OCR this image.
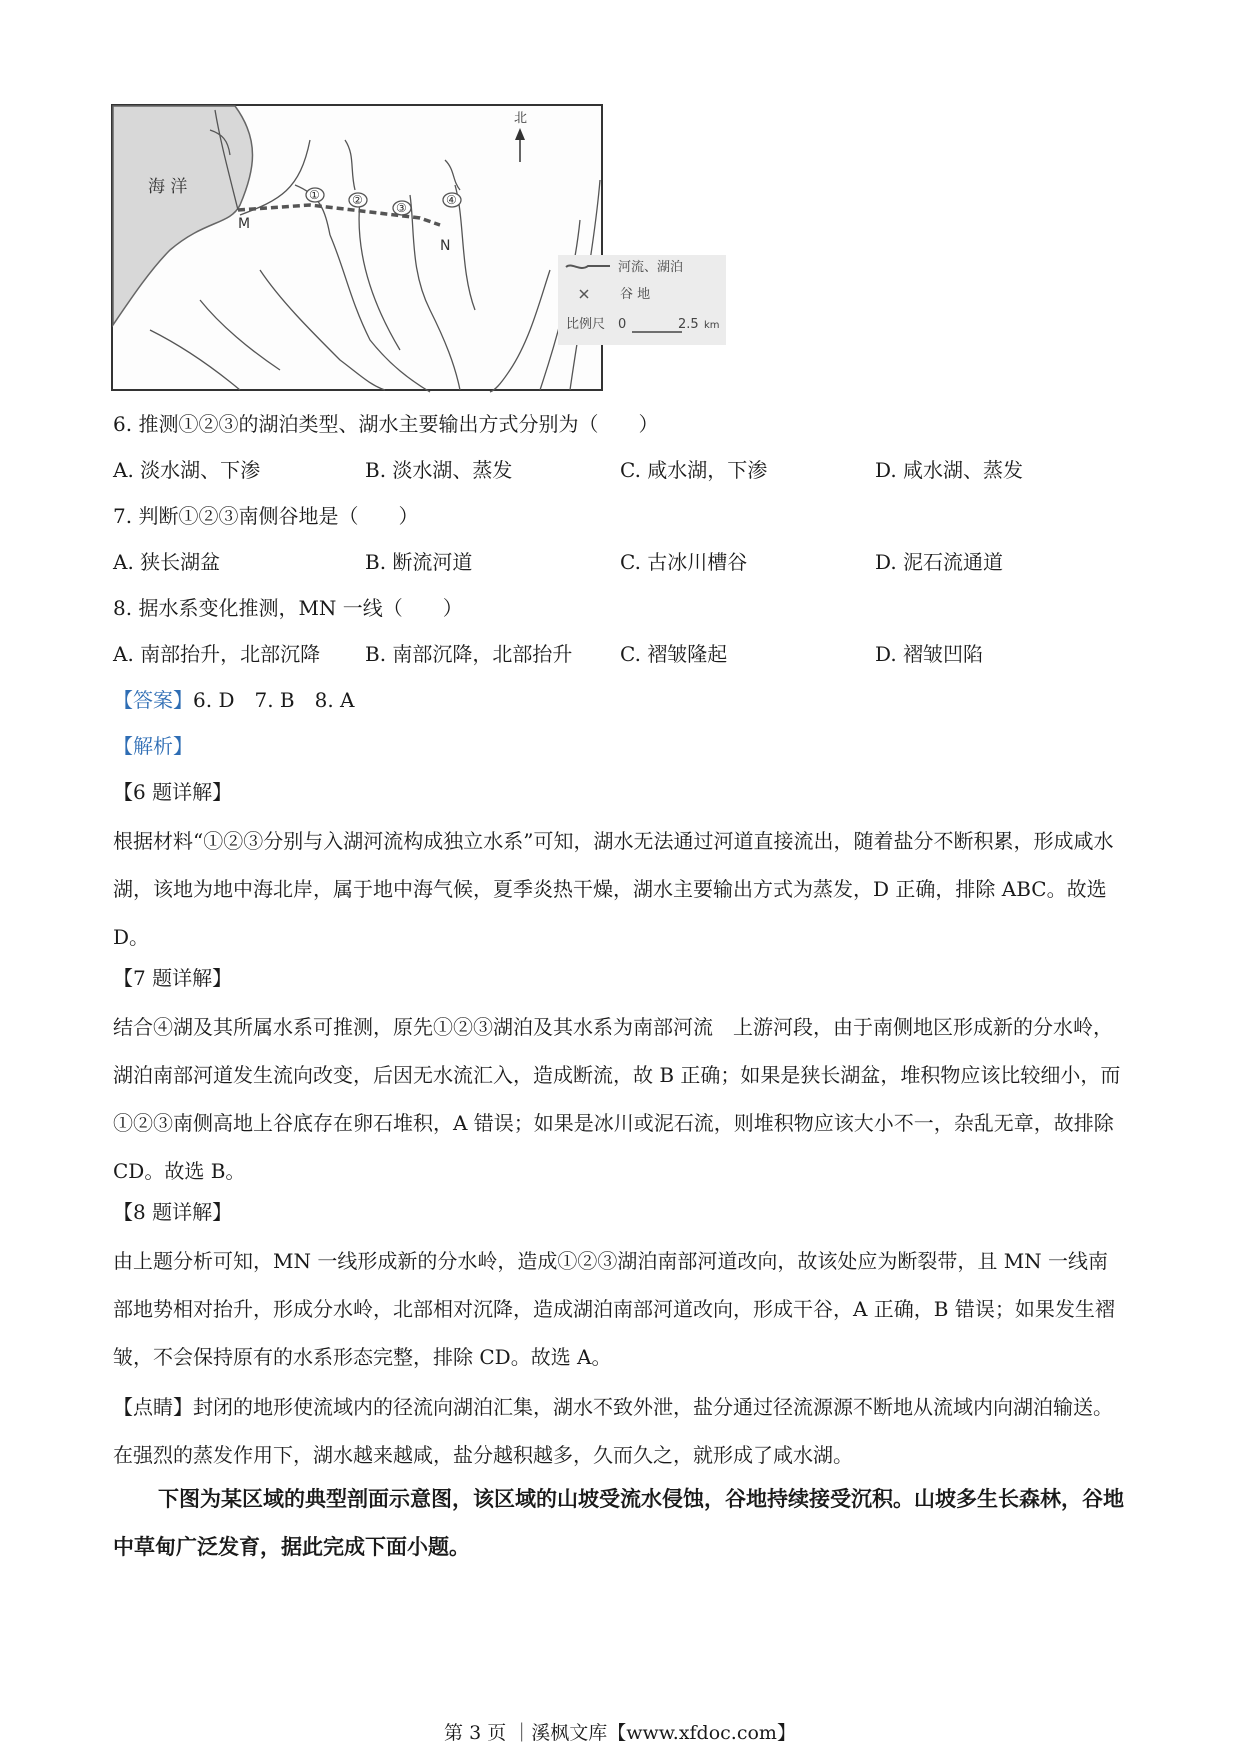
海 洋	①	②
③
④
M
N
北
河流、湖泊
谷 地
比例尺 0	2.5 km
6. 推测①②③的湖泊类型、湖水主要输出方式分别为（　　）
A. 淡水湖、下渗	B. 淡水湖、蒸发	C. 咸水湖，下渗	D. 咸水湖、蒸发
7. 判断①②③南侧谷地是（　　）
A. 狭长湖盆	B. 断流河道	C. 古冰川槽谷	D. 泥石流通道
8. 据水系变化推测，MN 一线（　　）
A. 南部抬升，北部沉降 B. 南部沉降，北部抬升 C. 褶皱隆起	D. 褶皱凹陷
【答案】6. D　7. B　8. A
【解析】
【6 题详解】
根据材料“①②③分别与入湖河流构成独立水系”可知，湖水无法通过河道直接流出，随着盐分不断积累，形成咸水湖，该地为地中海北岸，属于地中海气候，夏季炎热干燥，湖水主要输出方式为蒸发，D 正确，排除 ABC。故选 D。
【7 题详解】
结合④湖及其所属水系可推测，原先①②③湖泊及其水系为南部河流　上游河段，由于南侧地区形成新的分水岭，湖泊南部河道发生流向改变，后因无水流汇入，造成断流，故 B 正确；如果是狭长湖盆，堆积物应该比较细小，而①②③南侧高地上谷底存在卵石堆积，A 错误；如果是冰川或泥石流，则堆积物应该大小不一，杂乱无章，故排除 CD。故选 B。
【8 题详解】
由上题分析可知，MN 一线形成新的分水岭，造成①②③湖泊南部河道改向，故该处应为断裂带，且 MN 一线南部地势相对抬升，形成分水岭，北部相对沉降，造成湖泊南部河道改向，形成干谷，A 正确，B 错误；如果发生褶皱，不会保持原有的水系形态完整，排除 CD。故选 A。
【点睛】封闭的地形使流域内的径流向湖泊汇集，湖水不致外泄，盐分通过径流源源不断地从流域内向湖泊输送。在强烈的蒸发作用下，湖水越来越咸，盐分越积越多，久而久之，就形成了咸水湖。
下图为某区域的典型剖面示意图，该区域的山坡受流水侵蚀，谷地持续接受沉积。山坡多生长森林，谷地中草甸广泛发育，据此完成下面小题。
第 3 页 ｜溪枫文库【www.xfdoc.com】
